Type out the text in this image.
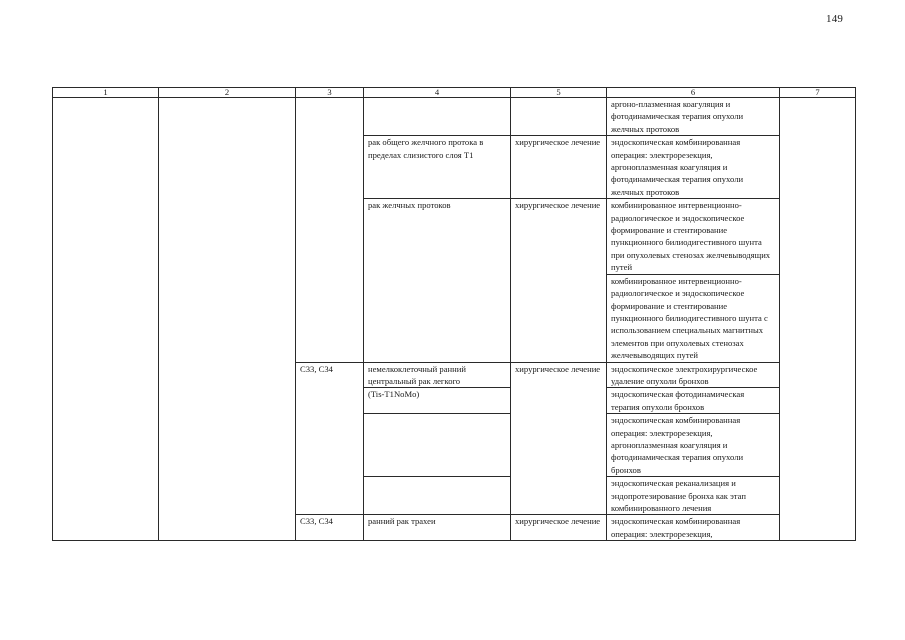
149
1	2	3	4	5	6	7
					аргоно-плазменная коагуляция и фотодинамическая терапия опухоли желчных протоков	
			рак общего желчного протока в пределах слизистого слоя T1	хирургическое лечение	эндоскопическая комбинированная операция: электрорезекция, аргоноплазменная коагуляция и фотодинамическая терапия опухоли желчных протоков	
			рак желчных протоков	хирургическое лечение	комбинированное интервенционно-радиологическое и эндоскопическое формирование и стентирование пункционного билиодигестивного шунта при опухолевых стенозах желчевыводящих путей	
					комбинированное интервенционно-радиологическое и эндоскопическое формирование и стентирование пункционного билиодигестивного шунта с использованием специальных магнитных элементов при опухолевых стенозах желчевыводящих путей	
		C33, C34	немелкоклеточный ранний центральный рак легкого	хирургическое лечение	эндоскопическое электрохирургическое удаление опухоли бронхов	
			(Tis-T1NoMo)		эндоскопическая фотодинамическая терапия опухоли бронхов	
					эндоскопическая комбинированная операция: электрорезекция, аргоноплазменная коагуляция и фотодинамическая терапия опухоли бронхов	
					эндоскопическая реканализация и эндопротезирование бронха как этап комбинированного лечения	
		C33, C34	ранний рак трахеи	хирургическое лечение	эндоскопическая комбинированная операция: электрорезекция,	
